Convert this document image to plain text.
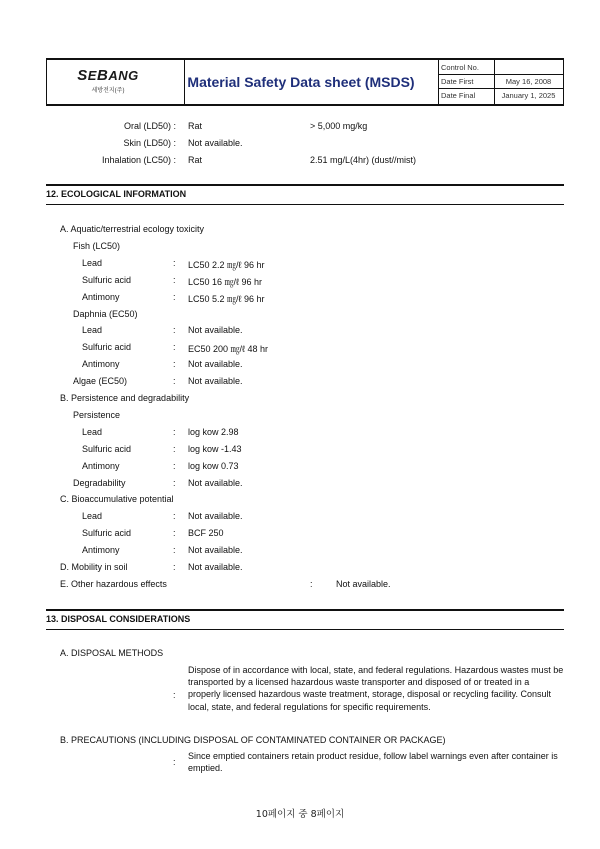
SEBANG
세방전지(주)
Material Safety Data sheet (MSDS)
Control No.
Date First	May 16, 2008
Date Final	January 1, 2025
Oral (LD50) : Rat	> 5,000 mg/kg
Skin (LD50) : Not available.
Inhalation (LC50) : Rat	2.51 mg/L(4hr) (dust//mist)
12. ECOLOGICAL INFORMATION
A. Aquatic/terrestrial ecology toxicity
Fish (LC50)
Lead	: LC50 2.2 ㎎/ℓ 96 hr
Sulfuric acid	: LC50 16 ㎎/ℓ 96 hr
Antimony	: LC50 5.2 ㎎/ℓ 96 hr
Daphnia (EC50)
Lead	: Not available.
Sulfuric acid	: EC50 200 ㎎/ℓ 48 hr
Antimony	: Not available.
Algae (EC50)	: Not available.
B. Persistence and degradability
Persistence
Lead	: log kow 2.98
Sulfuric acid	: log kow -1.43
Antimony	: log kow 0.73
Degradability	: Not available.
C. Bioaccumulative potential
Lead	: Not available.
Sulfuric acid	: BCF 250
Antimony	: Not available.
D. Mobility in soil	: Not available.
E. Other hazardous effects	:	Not available.
13. DISPOSAL CONSIDERATIONS
A. DISPOSAL METHODS
:
Dispose of in accordance with local, state, and federal regulations. Hazardous wastes must be transported by a licensed hazardous waste transporter and disposed of or treated in a properly licensed hazardous waste treatment, storage, disposal or recycling facility. Consult local, state, and federal regulations for specific requirements.
B. PRECAUTIONS (INCLUDING DISPOSAL OF CONTAMINATED CONTAINER OR PACKAGE)
:
Since emptied containers retain product residue, follow label warnings even after container is emptied.
10페이지 중 8페이지
